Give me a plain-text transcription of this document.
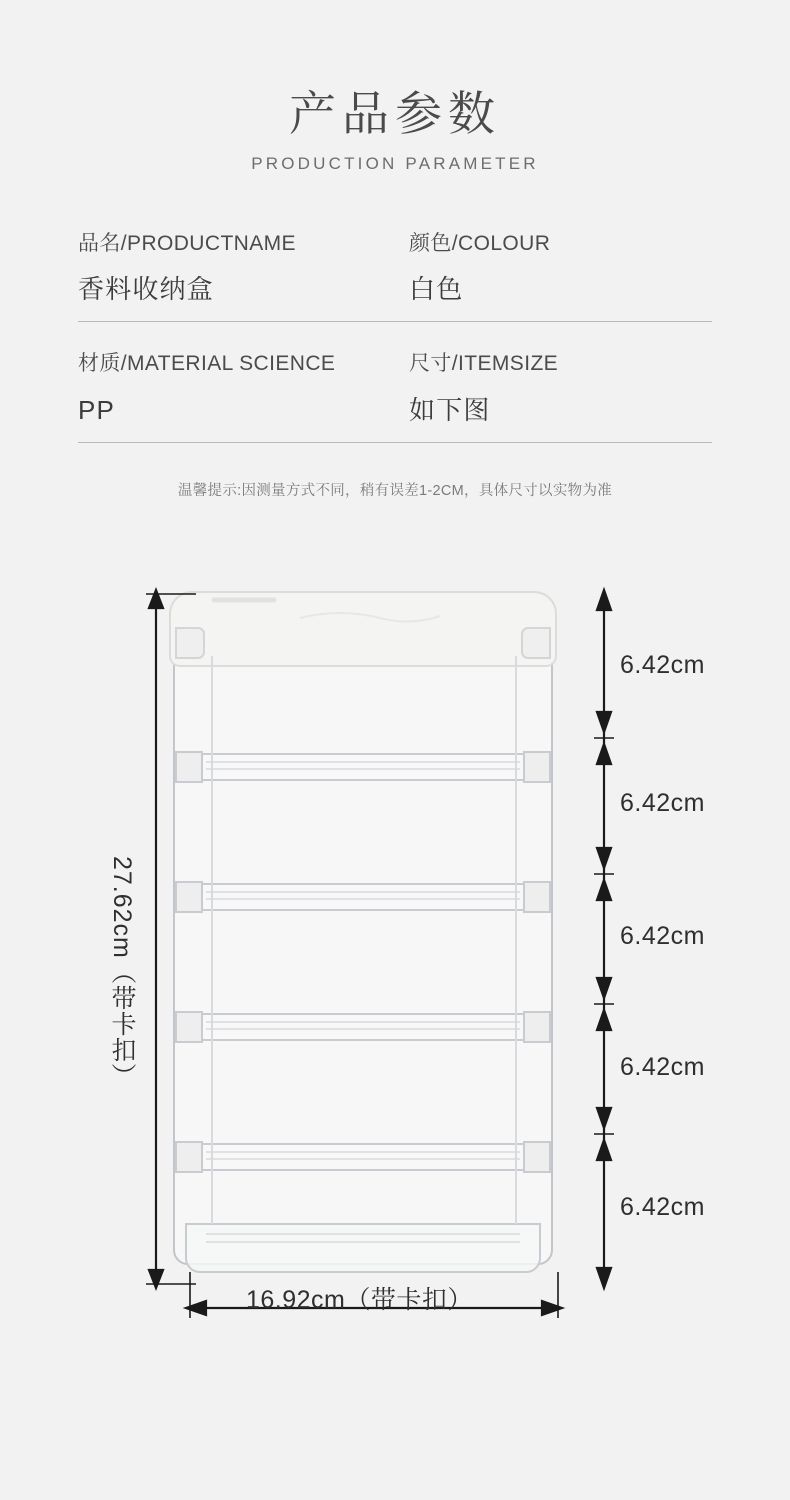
产品参数
PRODUCTION PARAMETER
品名/PRODUCTNAME
香料收纳盒
颜色/COLOUR
白色
材质/MATERIAL SCIENCE
PP
尺寸/ITEMSIZE
如下图
温馨提示:因测量方式不同，稍有误差1-2CM，具体尺寸以实物为准
27.62cm（带卡扣）
6.42cm
6.42cm
6.42cm
6.42cm
6.42cm
16.92cm（带卡扣）
